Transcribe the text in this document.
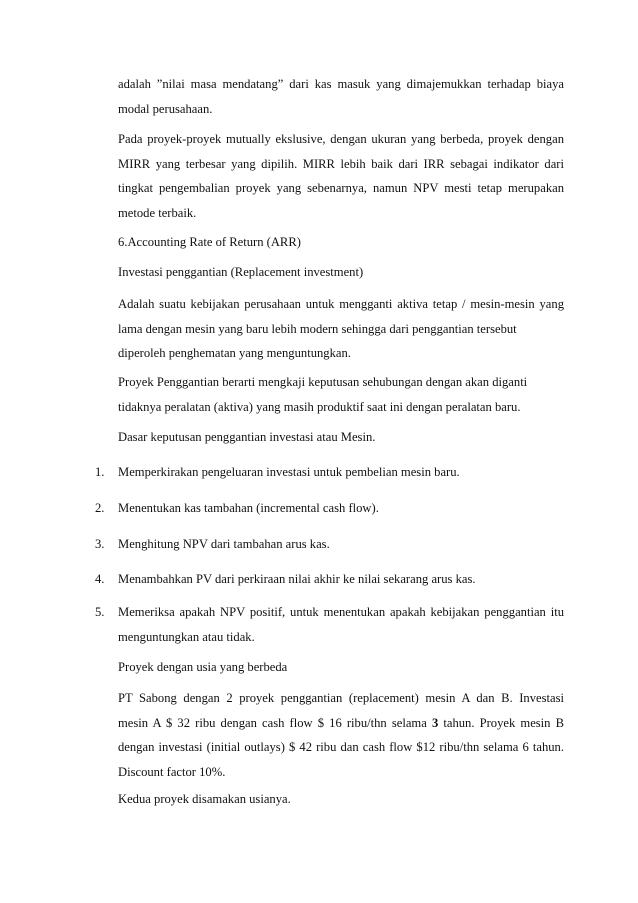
adalah ”nilai masa mendatang” dari kas masuk yang dimajemukkan terhadap biaya
modal perusahaan.

Pada proyek-proyek mutually ekslusive, dengan ukuran yang berbeda, proyek dengan
MIRR yang terbesar yang dipilih. MIRR lebih baik dari IRR sebagai indikator dari
tingkat pengembalian proyek yang sebenarnya, namun NPV mesti tetap merupakan
metode terbaik.

6.Accounting Rate of Return (ARR)

Investasi penggantian (Replacement investment)

Adalah suatu kebijakan perusahaan untuk mengganti aktiva tetap / mesin-mesin yang
lama dengan mesin yang baru lebih modern sehingga dari penggantian tersebut
diperoleh penghematan yang menguntungkan.

Proyek Penggantian berarti mengkaji keputusan sehubungan dengan akan diganti
tidaknya peralatan (aktiva) yang masih produktif saat ini dengan peralatan baru.

Dasar keputusan penggantian investasi atau Mesin.

1.	Memperkirakan pengeluaran investasi untuk pembelian mesin baru.
2.	Menentukan kas tambahan (incremental cash flow).
3.	Menghitung NPV dari tambahan arus kas.
4.	Menambahkan PV dari perkiraan nilai akhir ke nilai sekarang arus kas.
5.	Memeriksa apakah NPV positif, untuk menentukan apakah kebijakan penggantian itu
menguntungkan atau tidak.

Proyek dengan usia yang berbeda

PT Sabong dengan 2 proyek penggantian (replacement) mesin A dan B. Investasi
mesin A $ 32 ribu dengan cash flow $ 16 ribu/thn selama 3 tahun. Proyek mesin B
dengan investasi (initial outlays) $ 42 ribu dan cash flow $12 ribu/thn selama 6 tahun.
Discount factor 10%.

Kedua proyek disamakan usianya.
